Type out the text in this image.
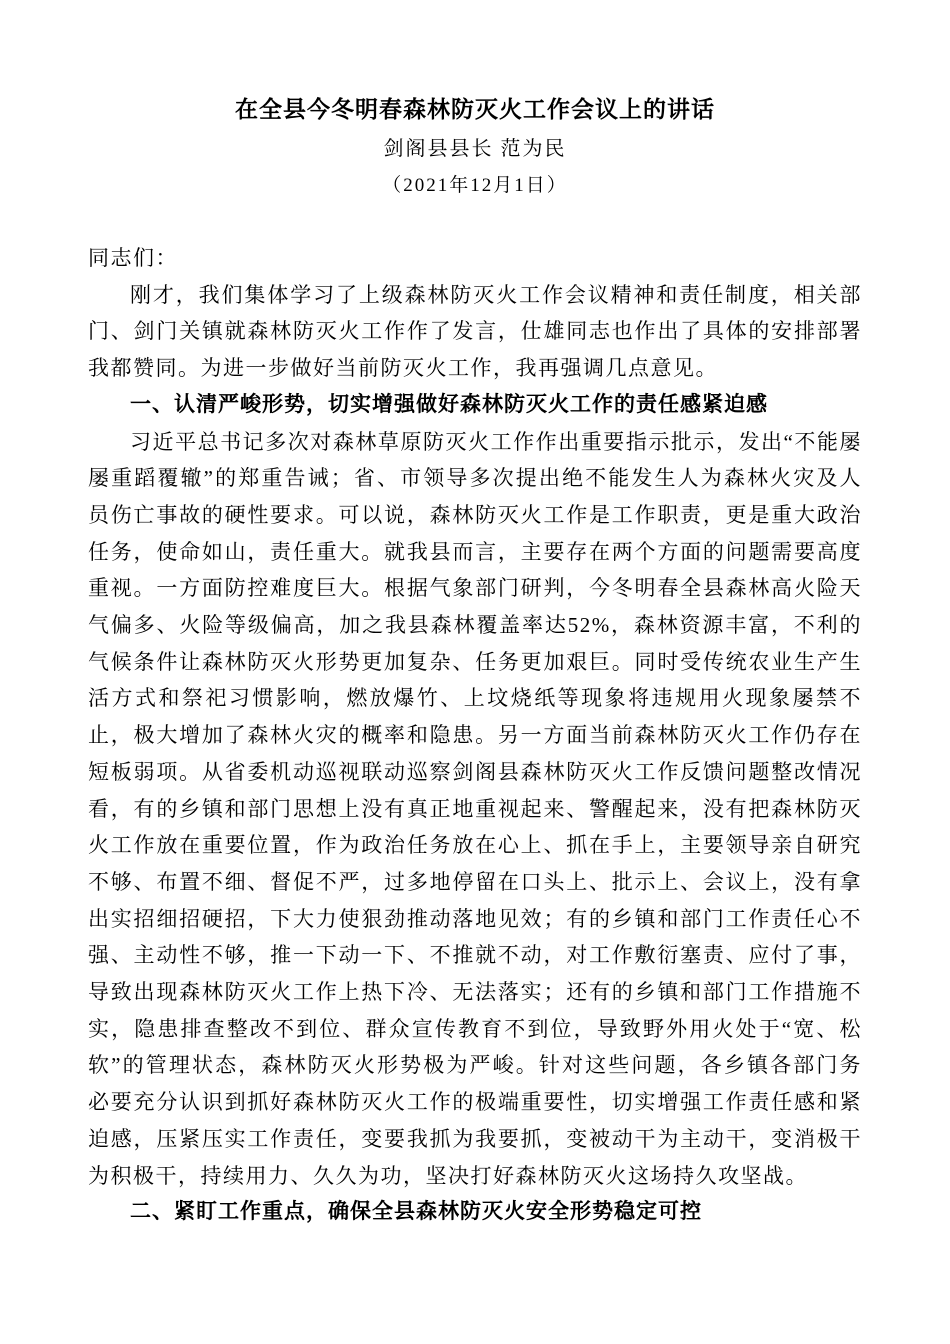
在全县今冬明春森林防灭火工作会议上的讲话
剑阁县县长 范为民
（2021年12月1日）

同志们：

刚才，我们集体学习了上级森林防灭火工作会议精神和责任制度，相关部门、剑门关镇就森林防灭火工作作了发言，仕雄同志也作出了具体的安排部署我都赞同。为进一步做好当前防灭火工作，我再强调几点意见。

一、认清严峻形势，切实增强做好森林防灭火工作的责任感紧迫感

习近平总书记多次对森林草原防灭火工作作出重要指示批示，发出“不能屡屡重蹈覆辙”的郑重告诫；省、市领导多次提出绝不能发生人为森林火灾及人员伤亡事故的硬性要求。可以说，森林防灭火工作是工作职责，更是重大政治任务，使命如山，责任重大。就我县而言，主要存在两个方面的问题需要高度重视。一方面防控难度巨大。根据气象部门研判，今冬明春全县森林高火险天气偏多、火险等级偏高，加之我县森林覆盖率达52%，森林资源丰富，不利的气候条件让森林防灭火形势更加复杂、任务更加艰巨。同时受传统农业生产生活方式和祭祀习惯影响，燃放爆竹、上坟烧纸等现象将违规用火现象屡禁不止，极大增加了森林火灾的概率和隐患。另一方面当前森林防灭火工作仍存在短板弱项。从省委机动巡视联动巡察剑阁县森林防灭火工作反馈问题整改情况看，有的乡镇和部门思想上没有真正地重视起来、警醒起来，没有把森林防灭火工作放在重要位置，作为政治任务放在心上、抓在手上，主要领导亲自研究不够、布置不细、督促不严，过多地停留在口头上、批示上、会议上，没有拿出实招细招硬招，下大力使狠劲推动落地见效；有的乡镇和部门工作责任心不强、主动性不够，推一下动一下、不推就不动，对工作敷衍塞责、应付了事，导致出现森林防灭火工作上热下冷、无法落实；还有的乡镇和部门工作措施不实，隐患排查整改不到位、群众宣传教育不到位，导致野外用火处于“宽、松软”的管理状态，森林防灭火形势极为严峻。针对这些问题，各乡镇各部门务必要充分认识到抓好森林防灭火工作的极端重要性，切实增强工作责任感和紧迫感，压紧压实工作责任，变要我抓为我要抓，变被动干为主动干，变消极干为积极干，持续用力、久久为功，坚决打好森林防灭火这场持久攻坚战。

二、紧盯工作重点，确保全县森林防灭火安全形势稳定可控
